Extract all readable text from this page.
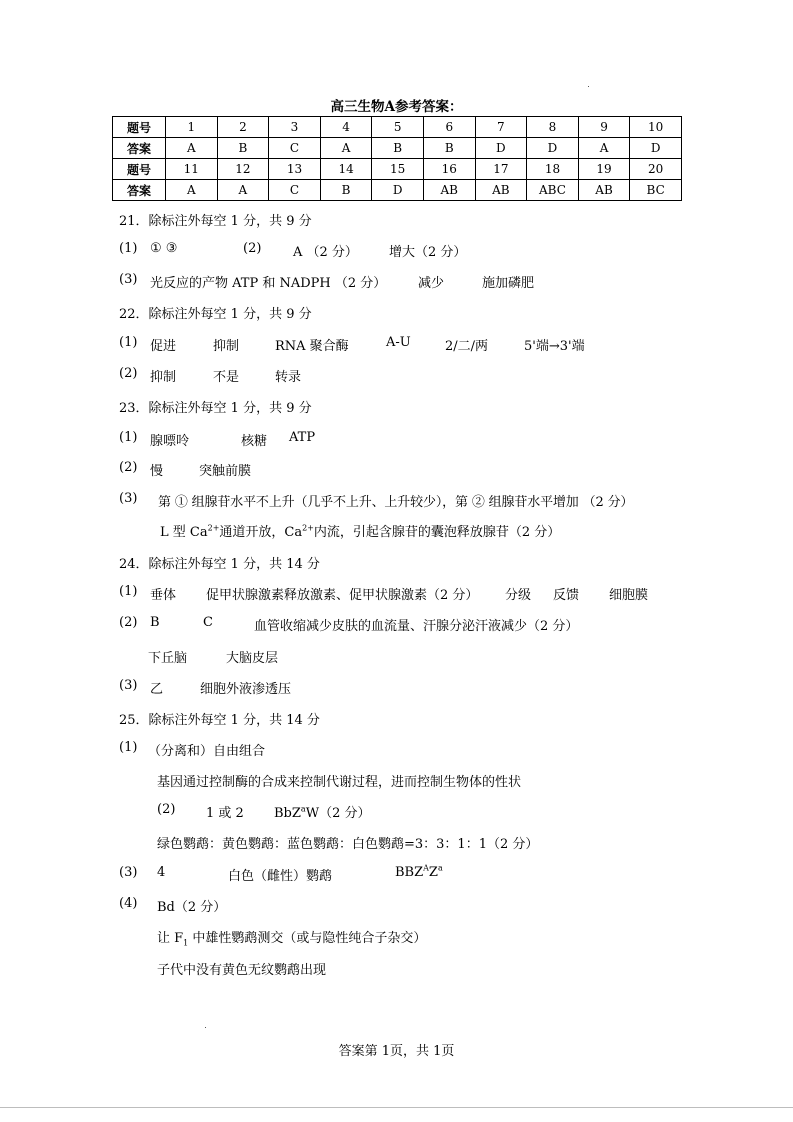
高三生物A参考答案：
题号	1	2	3	4	5	6	7	8	9	10
答案	A	B	C	A	B	B	D	D	A	D
题号	11	12	13	14	15	16	17	18	19	20
答案	A	A	C	B	D	AB	AB	ABC	AB	BC
21．除标注外每空 1 分，共 9 分
(1) ① ③	(2) A （2 分） 增大（2 分）
(3) 光反应的产物 ATP 和 NADPH （2 分） 减少	施加磷肥
22．除标注外每空 1 分，共 9 分
(1) 促进	抑制	RNA 聚合酶	A-U	2/二/两	5'端→3'端
(2) 抑制	不是	转录
23．除标注外每空 1 分，共 9 分
(1) 腺嘌呤	核糖 ATP
(2) 慢	突触前膜
(3) 第 ① 组腺苷水平不上升（几乎不上升、上升较少），第 ② 组腺苷水平增加 （2 分）
L 型 $Ca^{2+}$通道开放，$Ca^{2+}$内流，引起含腺苷的囊泡释放腺苷（2 分）
24．除标注外每空 1 分，共 14 分
(1) 垂体 促甲状腺激素释放激素、促甲状腺激素（2 分） 分级 反馈 细胞膜
(2) B	C	血管收缩减少皮肤的血流量、汗腺分泌汗液减少（2 分）
下丘脑	大脑皮层
(3) 乙	细胞外液渗透压
25．除标注外每空 1 分，共 14 分
(1) （分离和）自由组合
基因通过控制酶的合成来控制代谢过程，进而控制生物体的性状
(2) 1 或 2 BbZ$^a$W（2 分）
绿色鹦鹉：黄色鹦鹉：蓝色鹦鹉：白色鹦鹉=3：3：1：1（2 分）
(3) 4	白色（雌性）鹦鹉	$BBZ^AZ^a$
(4) Bd（2 分）
让 $F_1$ 中雄性鹦鹉测交（或与隐性纯合子杂交）
子代中没有黄色无纹鹦鹉出现
答案第 1页，共 1页
